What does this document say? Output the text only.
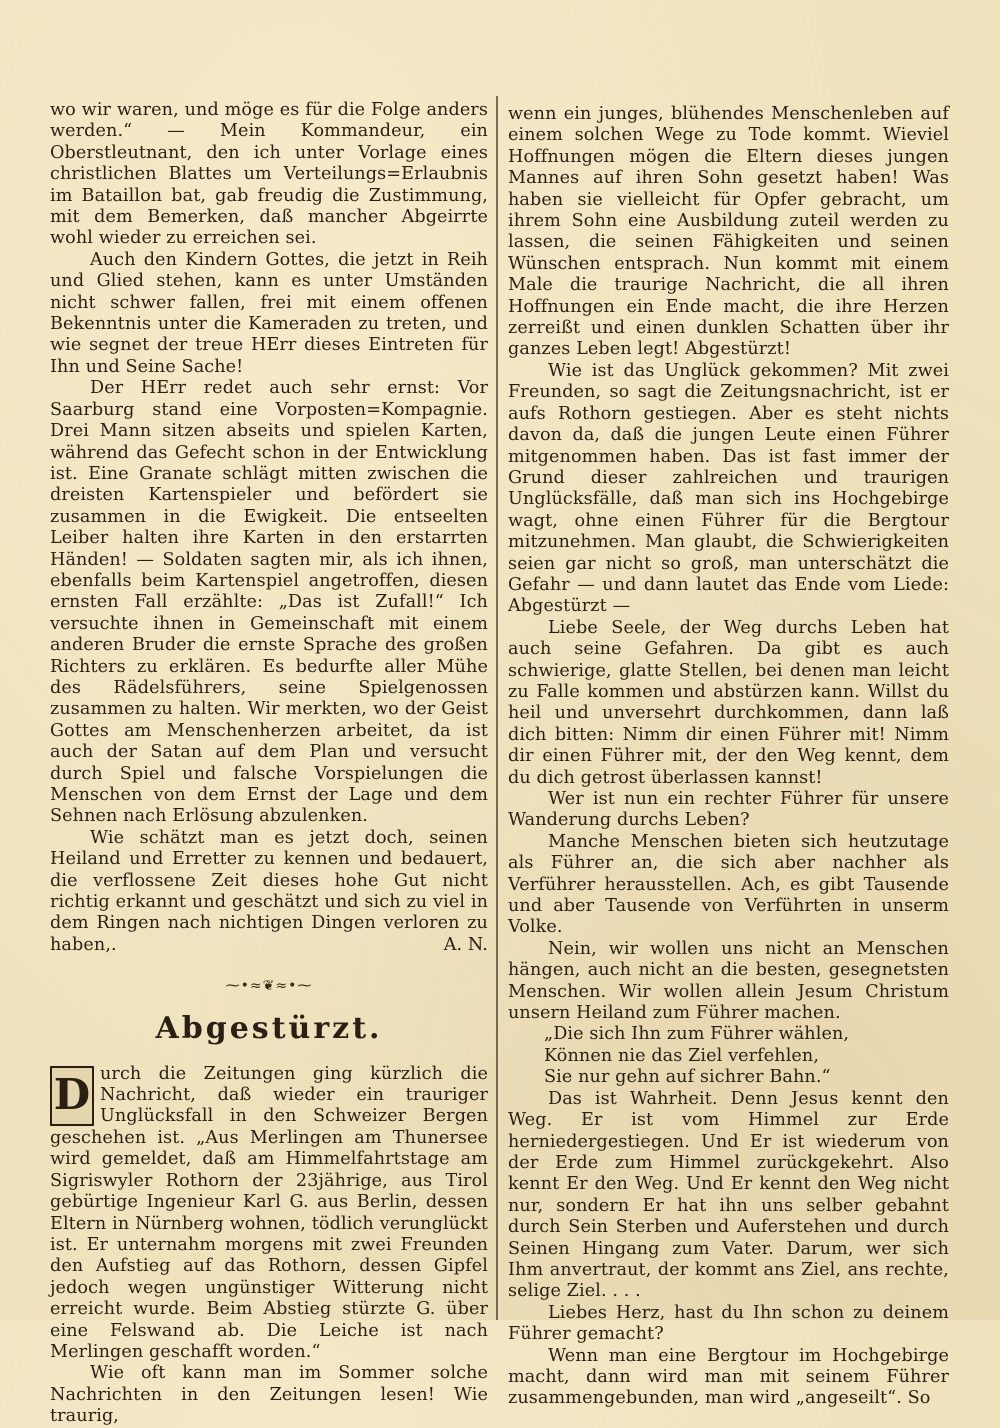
wo wir waren, und möge es für die Folge anders werden.“ — Mein Kommandeur, ein Oberstleutnant, den ich unter Vorlage eines christlichen Blattes um Verteilungs=Erlaubnis im Bataillon bat, gab freudig die Zustimmung, mit dem Bemerken, daß mancher Abgeirrte wohl wieder zu erreichen sei.

Auch den Kindern Gottes, die jetzt in Reih und Glied stehen, kann es unter Umständen nicht schwer fallen, frei mit einem offenen Bekenntnis unter die Kameraden zu treten, und wie segnet der treue HErr dieses Eintreten für Ihn und Seine Sache!

Der HErr redet auch sehr ernst: Vor Saarburg stand eine Vorposten=Kompagnie. Drei Mann sitzen abseits und spielen Karten, während das Gefecht schon in der Entwicklung ist. Eine Granate schlägt mitten zwischen die dreisten Kartenspieler und befördert sie zusammen in die Ewigkeit. Die entseelten Leiber halten ihre Karten in den erstarrten Händen! — Soldaten sagten mir, als ich ihnen, ebenfalls beim Kartenspiel angetroffen, diesen ernsten Fall erzählte: „Das ist Zufall!“ Ich versuchte ihnen in Gemeinschaft mit einem anderen Bruder die ernste Sprache des großen Richters zu erklären. Es bedurfte aller Mühe des Rädelsführers, seine Spielgenossen zusammen zu halten. Wir merkten, wo der Geist Gottes am Menschenherzen arbeitet, da ist auch der Satan auf dem Plan und versucht durch Spiel und falsche Vorspielungen die Menschen von dem Ernst der Lage und dem Sehnen nach Erlösung abzulenken.

Wie schätzt man es jetzt doch, seinen Heiland und Erretter zu kennen und bedauert, die verflossene Zeit dieses hohe Gut nicht richtig erkannt und geschätzt und sich zu viel in dem Ringen nach nichtigen Dingen verloren zu haben,.	A. N.

⁓•≈❦≈•⁓
Abgestürzt.

D urch die Zeitungen ging kürzlich die Nachricht, daß wieder ein trauriger Unglücksfall in den Schweizer Bergen geschehen ist. „Aus Merlingen am Thunersee wird gemeldet, daß am Himmelfahrtstage am Sigriswyler Rothorn der 23jährige, aus Tirol gebürtige Ingenieur Karl G. aus Berlin, dessen Eltern in Nürnberg wohnen, tödlich verunglückt ist. Er unternahm morgens mit zwei Freunden den Aufstieg auf das Rothorn, dessen Gipfel jedoch wegen ungünstiger Witterung nicht erreicht wurde. Beim Abstieg stürzte G. über eine Felswand ab. Die Leiche ist nach Merlingen geschafft worden.“

Wie oft kann man im Sommer solche Nachrichten in den Zeitungen lesen! Wie traurig,

wenn ein junges, blühendes Menschenleben auf einem solchen Wege zu Tode kommt. Wieviel Hoffnungen mögen die Eltern dieses jungen Mannes auf ihren Sohn gesetzt haben! Was haben sie vielleicht für Opfer gebracht, um ihrem Sohn eine Ausbildung zuteil werden zu lassen, die seinen Fähigkeiten und seinen Wünschen entsprach. Nun kommt mit einem Male die traurige Nachricht, die all ihren Hoffnungen ein Ende macht, die ihre Herzen zerreißt und einen dunklen Schatten über ihr ganzes Leben legt! Abgestürzt!

Wie ist das Unglück gekommen? Mit zwei Freunden, so sagt die Zeitungsnachricht, ist er aufs Rothorn gestiegen. Aber es steht nichts davon da, daß die jungen Leute einen Führer mitgenommen haben. Das ist fast immer der Grund dieser zahlreichen und traurigen Unglücksfälle, daß man sich ins Hochgebirge wagt, ohne einen Führer für die Bergtour mitzunehmen. Man glaubt, die Schwierigkeiten seien gar nicht so groß, man unterschätzt die Gefahr — und dann lautet das Ende vom Liede: Abgestürzt —

Liebe Seele, der Weg durchs Leben hat auch seine Gefahren. Da gibt es auch schwierige, glatte Stellen, bei denen man leicht zu Falle kommen und abstürzen kann. Willst du heil und unversehrt durchkommen, dann laß dich bitten: Nimm dir einen Führer mit! Nimm dir einen Führer mit, der den Weg kennt, dem du dich getrost überlassen kannst!

Wer ist nun ein rechter Führer für unsere Wanderung durchs Leben?

Manche Menschen bieten sich heutzutage als Führer an, die sich aber nachher als Verführer herausstellen. Ach, es gibt Tausende und aber Tausende von Verführten in unserm Volke.

Nein, wir wollen uns nicht an Menschen hängen, auch nicht an die besten, gesegnetsten Menschen. Wir wollen allein Jesum Christum unsern Heiland zum Führer machen.

„Die sich Ihn zum Führer wählen,

Können nie das Ziel verfehlen,

Sie nur gehn auf sichrer Bahn.“

Das ist Wahrheit. Denn Jesus kennt den Weg. Er ist vom Himmel zur Erde herniedergestiegen. Und Er ist wiederum von der Erde zum Himmel zurückgekehrt. Also kennt Er den Weg. Und Er kennt den Weg nicht nur, sondern Er hat ihn uns selber gebahnt durch Sein Sterben und Auferstehen und durch Seinen Hingang zum Vater. Darum, wer sich Ihm anvertraut, der kommt ans Ziel, ans rechte, selige Ziel. . . .

Liebes Herz, hast du Ihn schon zu deinem Führer gemacht?

Wenn man eine Bergtour im Hochgebirge macht, dann wird man mit seinem Führer zusammengebunden, man wird „angeseilt“. So
